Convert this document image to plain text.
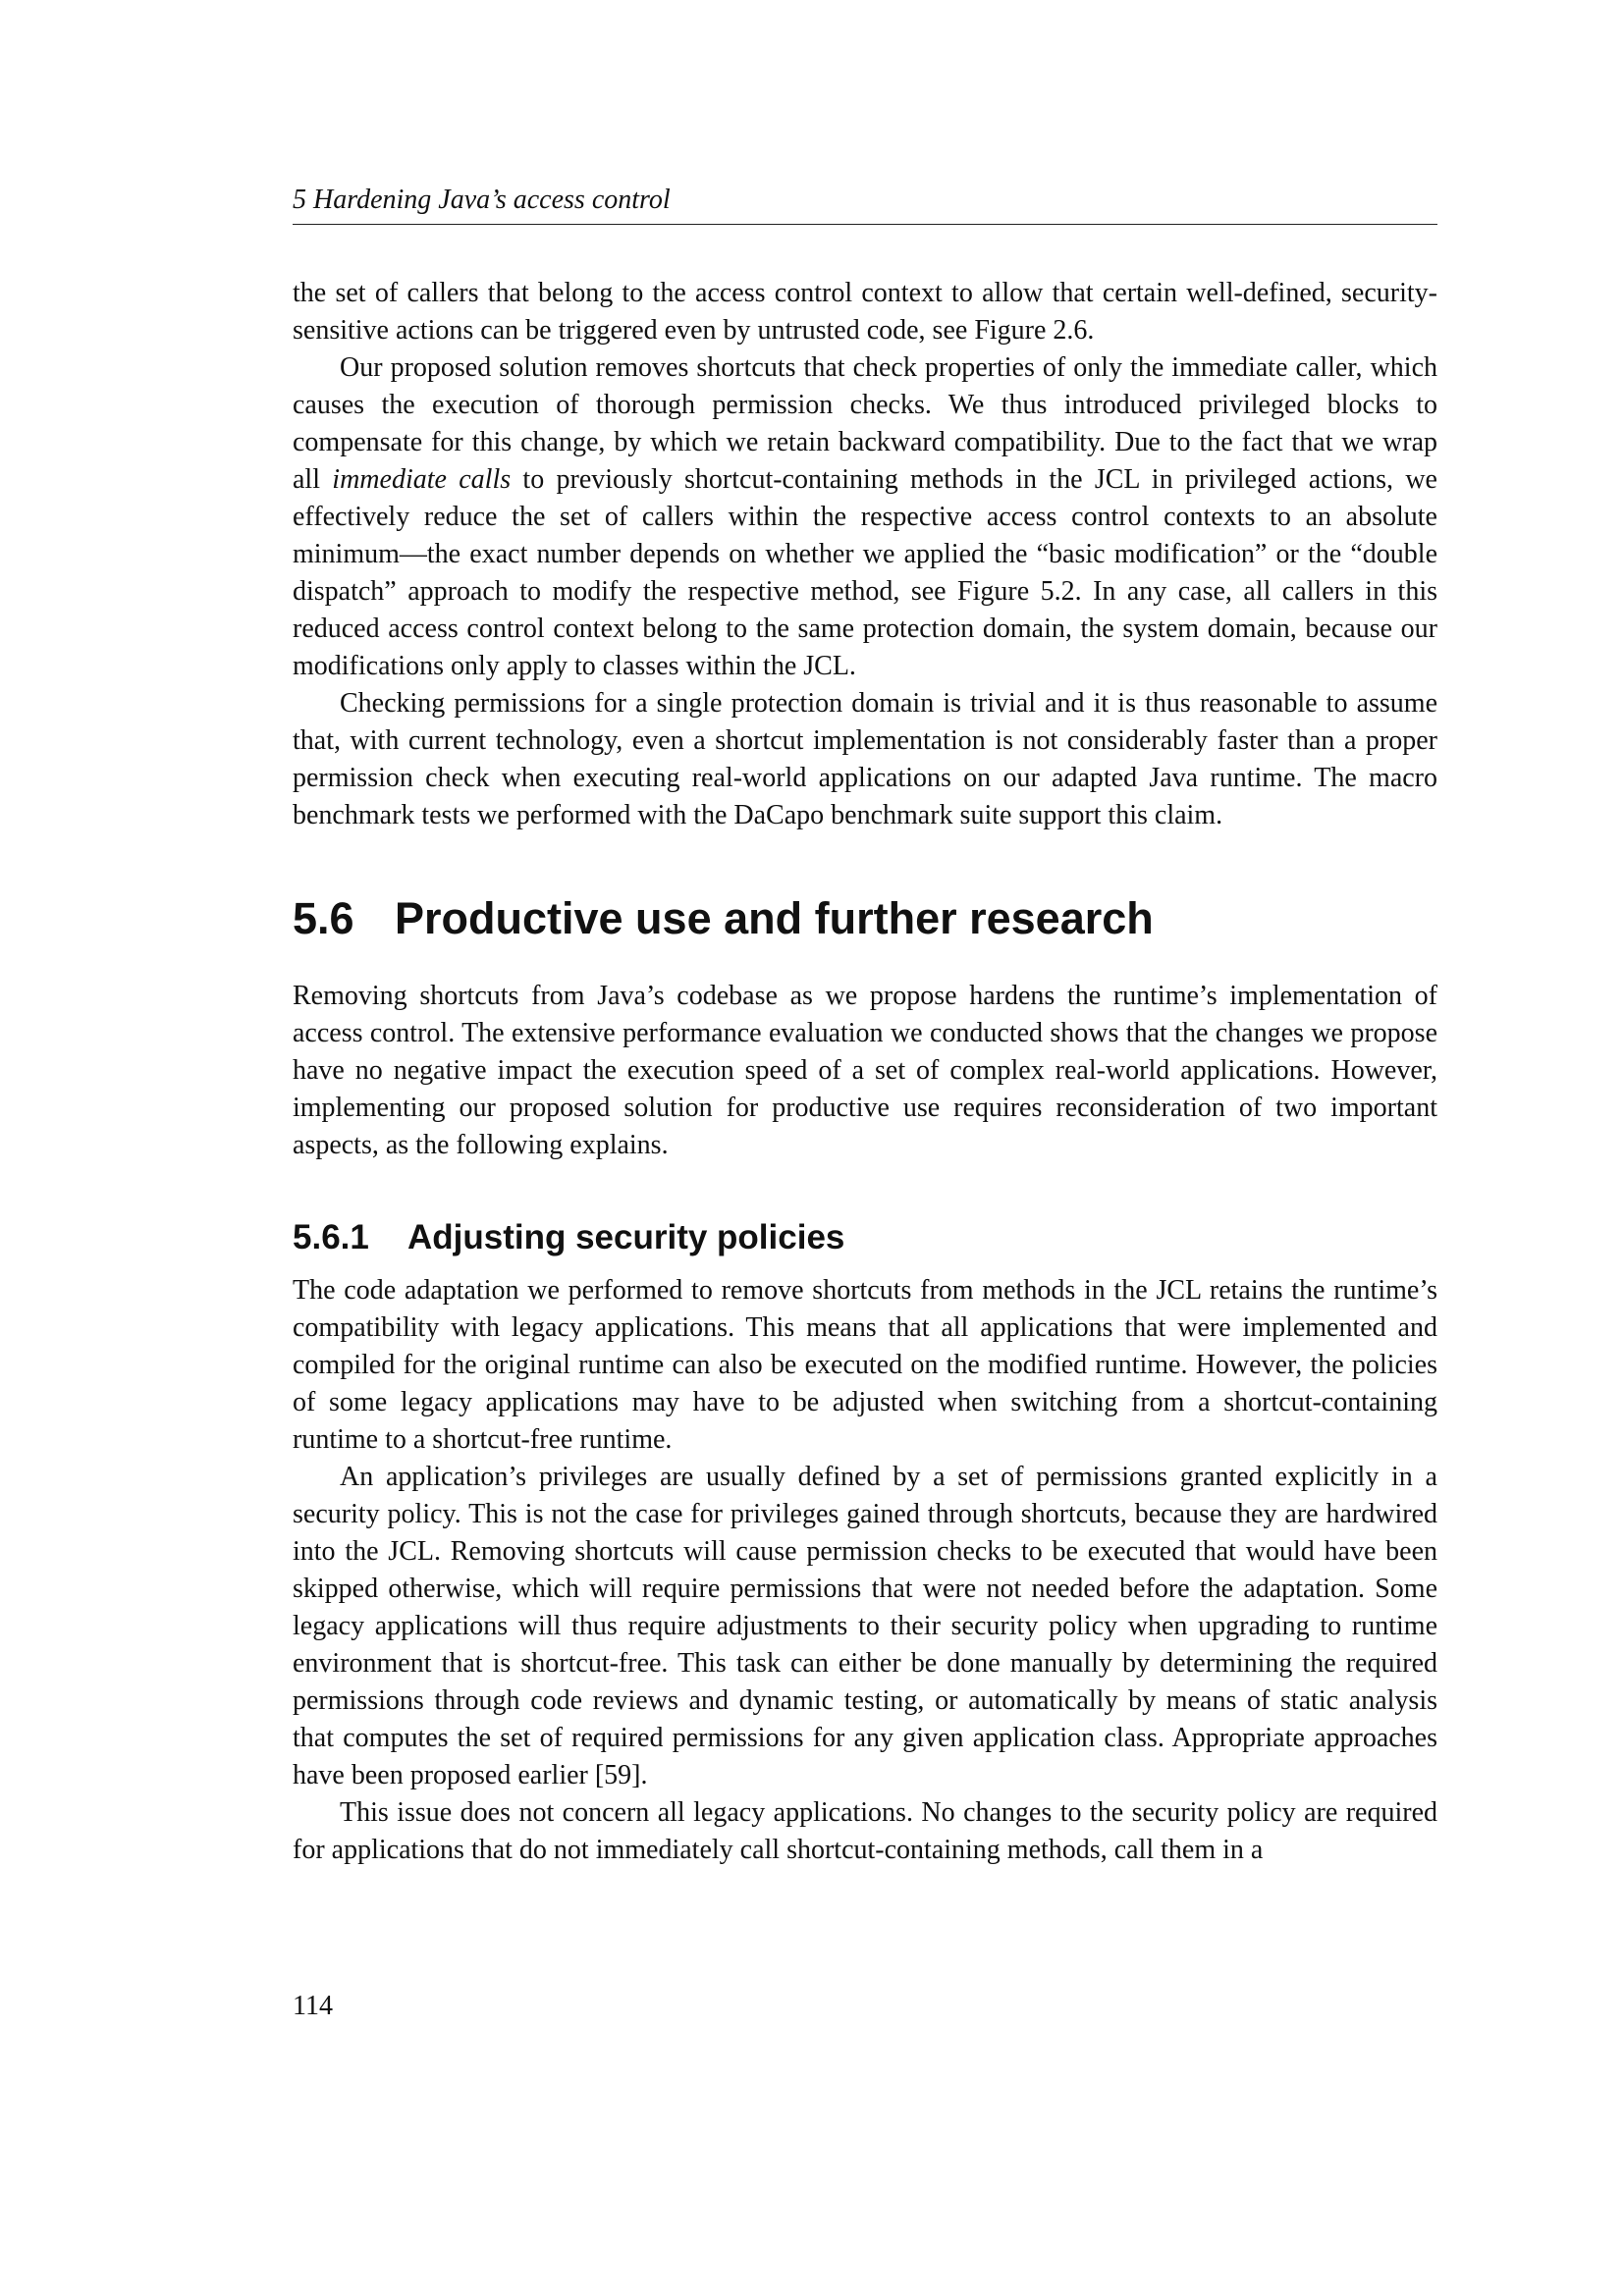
5 Hardening Java’s access control

the set of callers that belong to the access control context to allow that certain well-defined, security-sensitive actions can be triggered even by untrusted code, see Figure 2.6.

Our proposed solution removes shortcuts that check properties of only the immediate caller, which causes the execution of thorough permission checks. We thus introduced privileged blocks to compensate for this change, by which we retain backward compatibility. Due to the fact that we wrap all immediate calls to previously shortcut-containing methods in the JCL in privileged actions, we effectively reduce the set of callers within the respective access control contexts to an absolute minimum—the exact number depends on whether we applied the “basic modification” or the “double dispatch” approach to modify the respective method, see Figure 5.2. In any case, all callers in this reduced access control context belong to the same protection domain, the system domain, because our modifications only apply to classes within the JCL.

Checking permissions for a single protection domain is trivial and it is thus reasonable to assume that, with current technology, even a shortcut implementation is not considerably faster than a proper permission check when executing real-world applications on our adapted Java runtime. The macro benchmark tests we performed with the DaCapo benchmark suite support this claim.

5.6 Productive use and further research

Removing shortcuts from Java’s codebase as we propose hardens the runtime’s implementation of access control. The extensive performance evaluation we conducted shows that the changes we propose have no negative impact the execution speed of a set of complex real-world applications. However, implementing our proposed solution for productive use requires reconsideration of two important aspects, as the following explains.

5.6.1 Adjusting security policies

The code adaptation we performed to remove shortcuts from methods in the JCL retains the runtime’s compatibility with legacy applications. This means that all applications that were implemented and compiled for the original runtime can also be executed on the modified runtime. However, the policies of some legacy applications may have to be adjusted when switching from a shortcut-containing runtime to a shortcut-free runtime.

An application’s privileges are usually defined by a set of permissions granted explicitly in a security policy. This is not the case for privileges gained through shortcuts, because they are hardwired into the JCL. Removing shortcuts will cause permission checks to be executed that would have been skipped otherwise, which will require permissions that were not needed before the adaptation. Some legacy applications will thus require adjustments to their security policy when upgrading to runtime environment that is shortcut-free. This task can either be done manually by determining the required permissions through code reviews and dynamic testing, or automatically by means of static analysis that computes the set of required permissions for any given application class. Appropriate approaches have been proposed earlier [59].

This issue does not concern all legacy applications. No changes to the security policy are required for applications that do not immediately call shortcut-containing methods, call them in a

114
